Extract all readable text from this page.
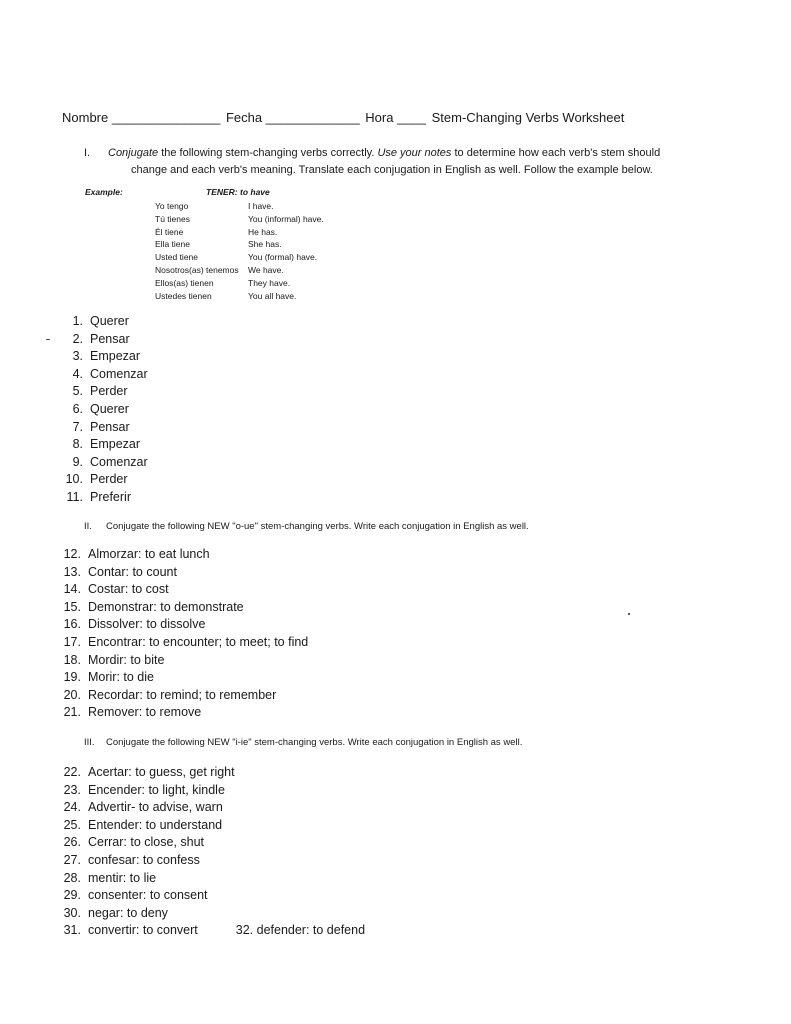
Nombre _______________ Fecha _____________ Hora ____ Stem-Changing Verbs Worksheet
I. Conjugate the following stem-changing verbs correctly. Use your notes to determine how each verb's stem should
change and each verb's meaning. Translate each conjugation in English as well. Follow the example below.
Example:	TENER: to have
Yo tengo	I have.
Tú tienes	You (informal) have.
Él tiene	He has.
Ella tiene	She has.
Usted tiene	You (formal) have.
Nosotros(as) tenemos	We have.
Ellos(as) tienen	They have.
Ustedes tienen	You all have.
1. Querer
2. Pensar
3. Empezar
4. Comenzar
5. Perder
6. Querer
7. Pensar
8. Empezar
9. Comenzar
10. Perder
11. Preferir
II. Conjugate the following NEW "o-ue" stem-changing verbs. Write each conjugation in English as well.
12. Almorzar: to eat lunch
13. Contar: to count
14. Costar: to cost
15. Demonstrar: to demonstrate
16. Dissolver: to dissolve
17. Encontrar: to encounter; to meet; to find
18. Mordir: to bite
19. Morir: to die
20. Recordar: to remind; to remember
21. Remover: to remove
III. Conjugate the following NEW "i-ie" stem-changing verbs. Write each conjugation in English as well.
22. Acertar: to guess, get right
23. Encender: to light, kindle
24. Advertir- to advise, warn
25. Entender: to understand
26. Cerrar: to close, shut
27. confesar: to confess
28. mentir: to lie
29. consenter: to consent
30. negar: to deny
31. convertir: to convert	32. defender: to defend
